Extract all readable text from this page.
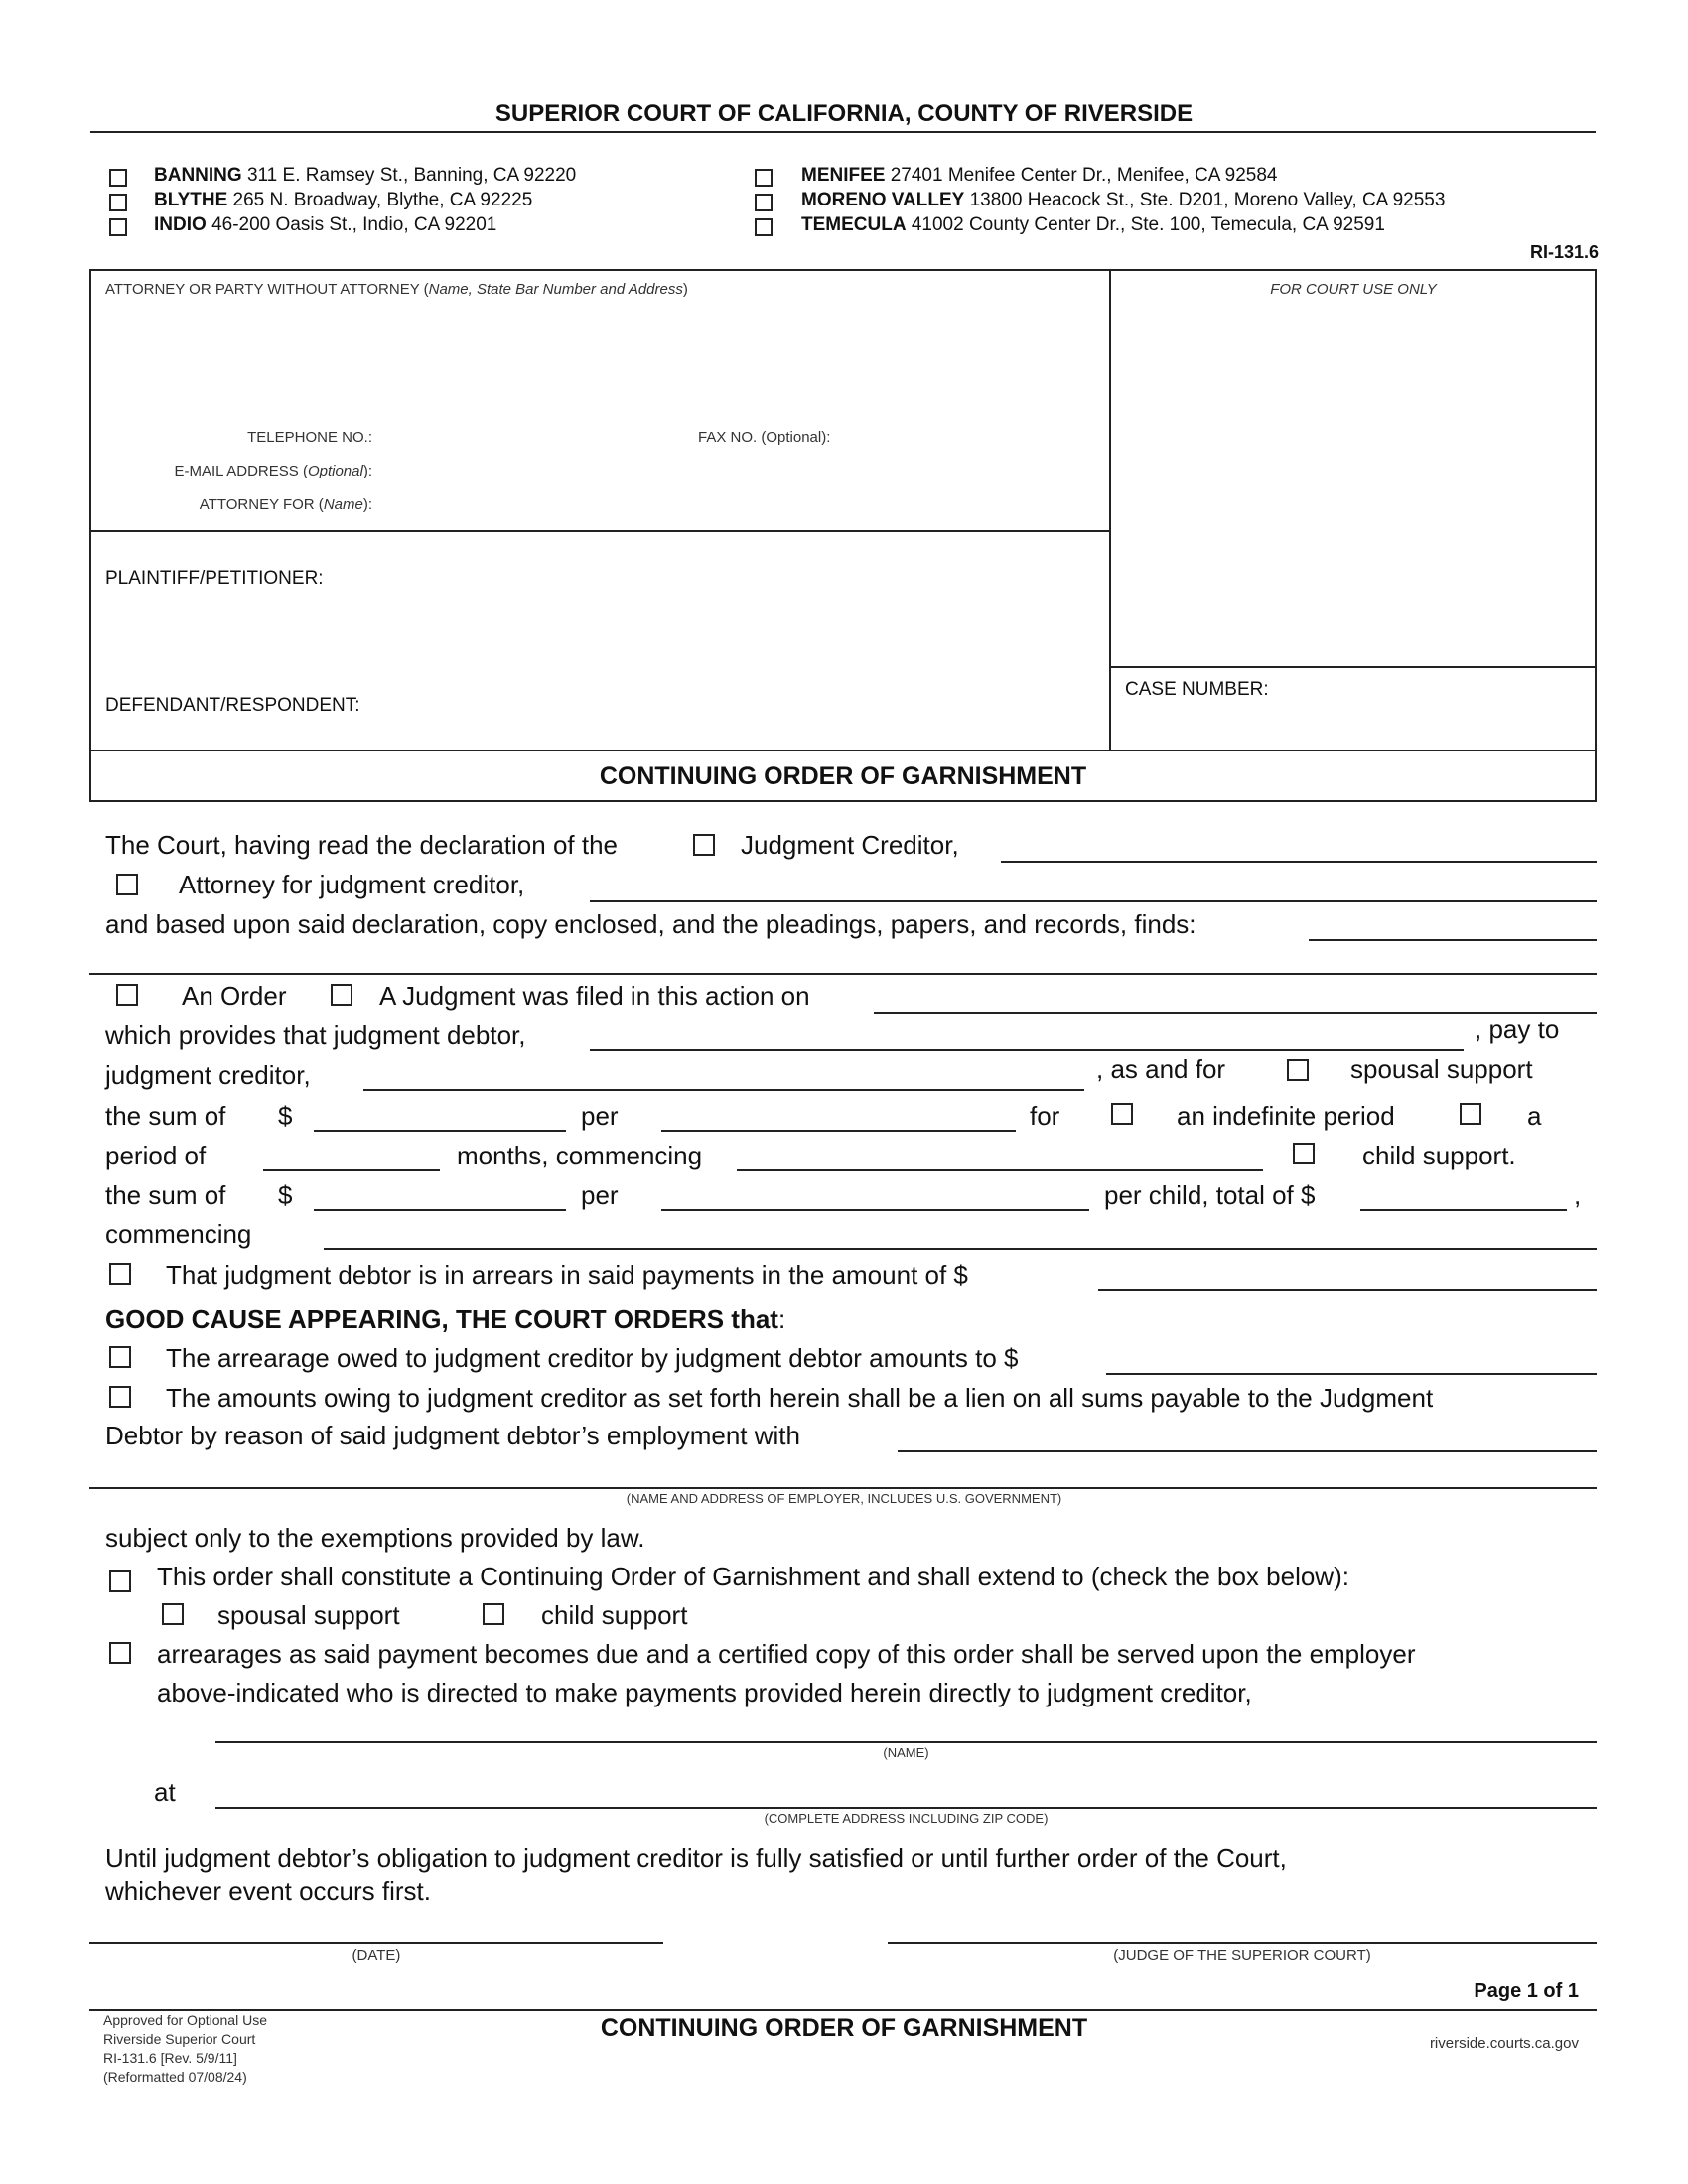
SUPERIOR COURT OF CALIFORNIA, COUNTY OF RIVERSIDE
BANNING 311 E. Ramsey St., Banning, CA 92220
BLYTHE 265 N. Broadway, Blythe, CA 92225
INDIO 46-200 Oasis St., Indio, CA 92201
MENIFEE 27401 Menifee Center Dr., Menifee, CA 92584
MORENO VALLEY 13800 Heacock St., Ste. D201, Moreno Valley, CA 92553
TEMECULA 41002 County Center Dr., Ste. 100, Temecula, CA 92591
RI-131.6
ATTORNEY OR PARTY WITHOUT ATTORNEY (Name, State Bar Number and Address)	FOR COURT USE ONLY
TELEPHONE NO.:	FAX NO. (Optional):
E-MAIL ADDRESS (Optional):
ATTORNEY FOR (Name):
PLAINTIFF/PETITIONER:
DEFENDANT/RESPONDENT:
CASE NUMBER:
CONTINUING ORDER OF GARNISHMENT
The Court, having read the declaration of the	Judgment Creditor,
Attorney for judgment creditor,
and based upon said declaration, copy enclosed, and the pleadings, papers, and records, finds:
An Order	A Judgment was filed in this action on
which provides that judgment debtor,	, pay to
judgment creditor,	, as and for	spousal support
the sum of $	per	for	an indefinite period	a
period of	months, commencing	child support.
the sum of $	per	per child, total of $	,
commencing
That judgment debtor is in arrears in said payments in the amount of $
GOOD CAUSE APPEARING, THE COURT ORDERS that:
The arrearage owed to judgment creditor by judgment debtor amounts to $
The amounts owing to judgment creditor as set forth herein shall be a lien on all sums payable to the Judgment
Debtor by reason of said judgment debtor’s employment with
(NAME AND ADDRESS OF EMPLOYER, INCLUDES U.S. GOVERNMENT)
subject only to the exemptions provided by law.
This order shall constitute a Continuing Order of Garnishment and shall extend to (check the box below):
spousal support	child support
arrearages as said payment becomes due and a certified copy of this order shall be served upon the employer
above-indicated who is directed to make payments provided herein directly to judgment creditor,
(NAME)
at
(COMPLETE ADDRESS INCLUDING ZIP CODE)
Until judgment debtor’s obligation to judgment creditor is fully satisfied or until further order of the Court,
whichever event occurs first.
(DATE)	(JUDGE OF THE SUPERIOR COURT)
Page 1 of 1
Approved for Optional Use
Riverside Superior Court
RI-131.6 [Rev. 5/9/11]
(Reformatted 07/08/24)
CONTINUING ORDER OF GARNISHMENT
riverside.courts.ca.gov
